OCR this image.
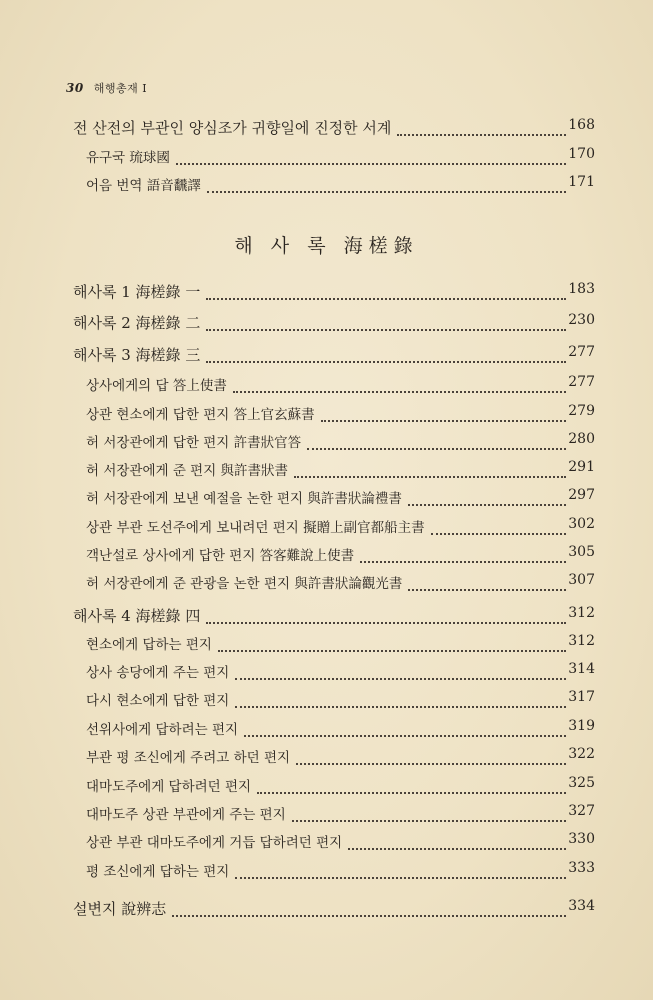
30 해행총재 I
해 사 록 海槎錄
전 산전의 부관인 양심조가 귀향일에 진정한 서계	168
유구국 琉球國	170
어음 번역 語音飜譯	171
해사록 1 海槎錄 一	183
해사록 2 海槎錄 二	230
해사록 3 海槎錄 三	277
상사에게의 답 答上使書	277
상관 현소에게 답한 편지 答上官玄蘇書	279
허 서장관에게 답한 편지 許書狀官答	280
허 서장관에게 준 편지 與許書狀書	291
허 서장관에게 보낸 예절을 논한 편지 與許書狀論禮書	297
상관 부관 도선주에게 보내려던 편지 擬贈上副官都船主書	302
객난설로 상사에게 답한 편지 答客難說上使書	305
허 서장관에게 준 관광을 논한 편지 與許書狀論觀光書	307
해사록 4 海槎錄 四	312
현소에게 답하는 편지	312
상사 송당에게 주는 편지	314
다시 현소에게 답한 편지	317
선위사에게 답하려는 편지	319
부관 평 조신에게 주려고 하던 편지	322
대마도주에게 답하려던 편지	325
대마도주 상관 부관에게 주는 편지	327
상관 부관 대마도주에게 거듭 답하려던 편지	330
평 조신에게 답하는 편지	333
설변지 說辨志	334
